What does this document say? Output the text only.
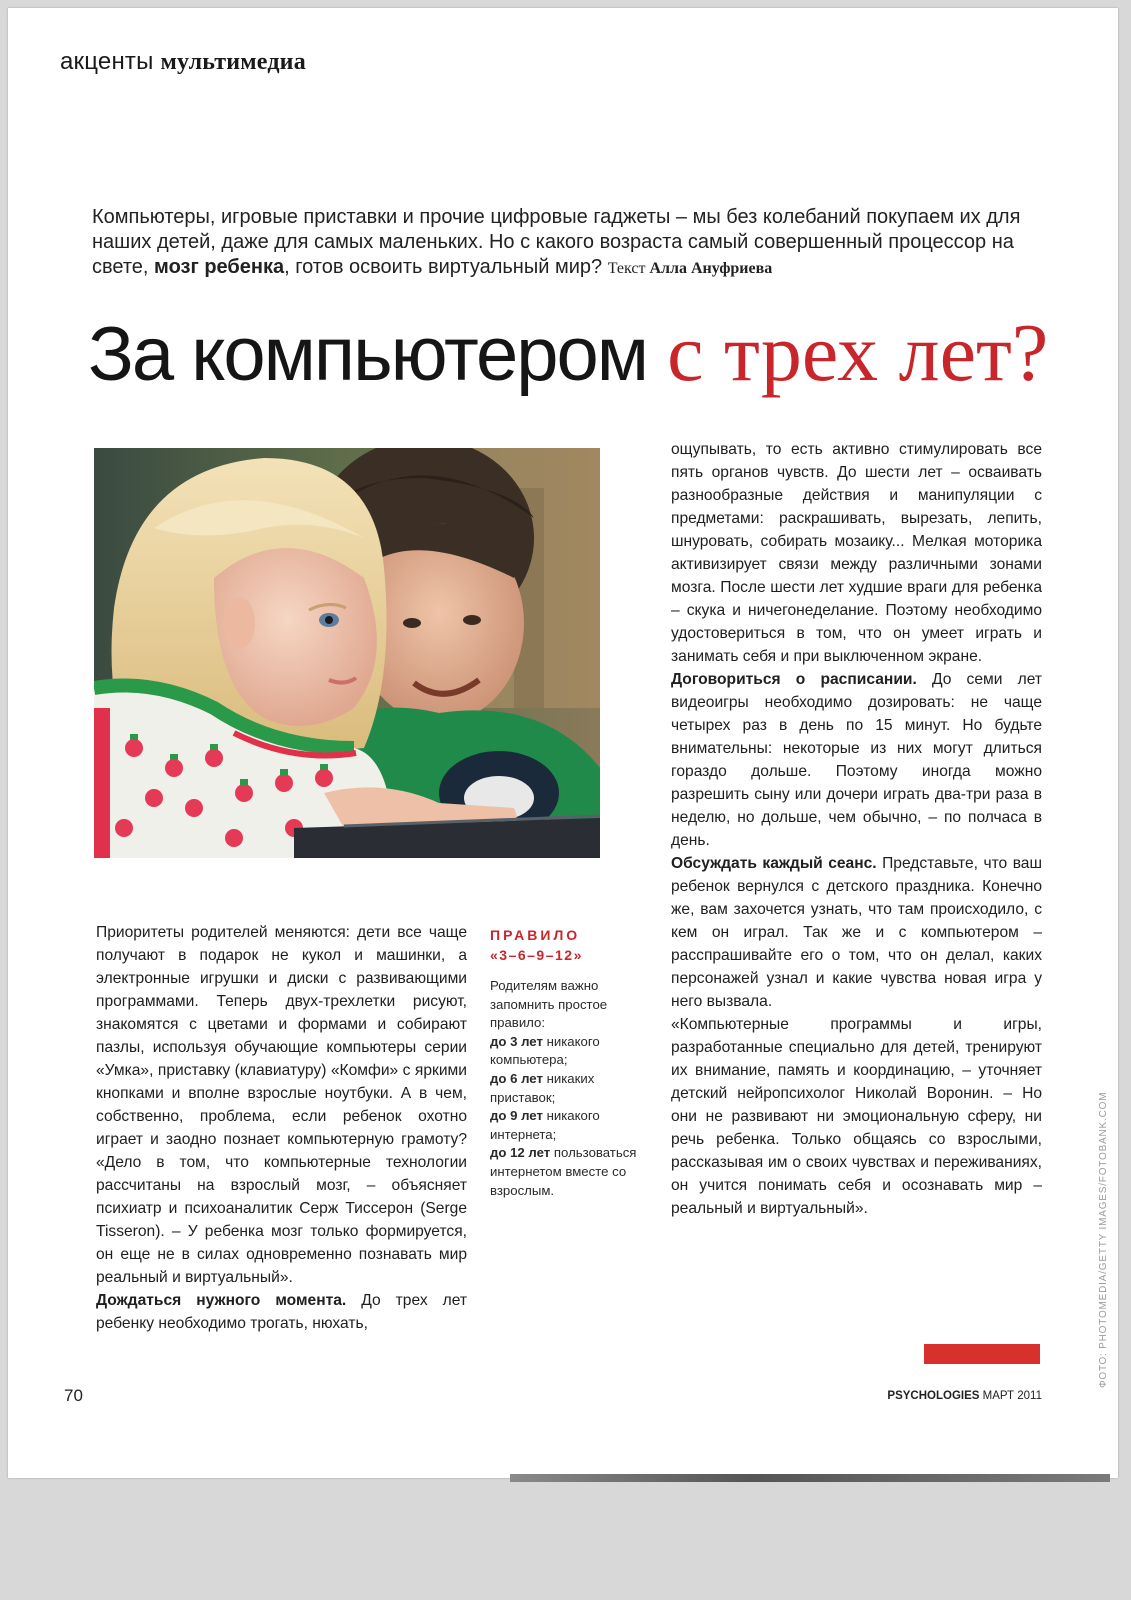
акценты мультимедиа
Компьютеры, игровые приставки и прочие цифровые гаджеты – мы без колебаний покупаем их для наших детей, даже для самых маленьких. Но с какого возраста самый совершенный процессор на свете, мозг ребенка, готов освоить виртуальный мир? Текст Алла Ануфриева
За компьютером с трех лет?

Приоритеты родителей меняются: дети все чаще получают в подарок не кукол и машинки, а электронные игрушки и диски с развивающими программами. Теперь двух-трехлетки рисуют, знакомятся с цветами и формами и собирают пазлы, используя обучающие компьютеры серии «Умка», приставку (клавиатуру) «Комфи» с яркими кнопками и вполне взрослые ноутбуки. А в чем, собственно, проблема, если ребенок охотно играет и заодно познает компьютерную грамоту? «Дело в том, что компьютерные технологии рассчитаны на взрослый мозг, – объясняет психиатр и психоаналитик Серж Тиссерон (Serge Tisseron). – У ребенка мозг только формируется, он еще не в силах одновременно познавать мир реальный и виртуальный».

Дождаться нужного момента. До трех лет ребенку необходимо трогать, нюхать,

ПРАВИЛО
«3–6–9–12»
Родителям важно запомнить простое правило:
до 3 лет никакого компьютера;
до 6 лет никаких приставок;
до 9 лет никакого интернета;
до 12 лет пользоваться интернетом вместе со взрослым.

ощупывать, то есть активно стимулировать все пять органов чувств. До шести лет – осваивать разнообразные действия и манипуляции с предметами: раскрашивать, вырезать, лепить, шнуровать, собирать мозаику... Мелкая моторика активизирует связи между различными зонами мозга. После шести лет худшие враги для ребенка – скука и ничегонеделание. Поэтому необходимо удостовериться в том, что он умеет играть и занимать себя и при выключенном экране.

Договориться о расписании. До семи лет видеоигры необходимо дозировать: не чаще четырех раз в день по 15 минут. Но будьте внимательны: некоторые из них могут длиться гораздо дольше. Поэтому иногда можно разрешить сыну или дочери играть два-три раза в неделю, но дольше, чем обычно, – по полчаса в день.

Обсуждать каждый сеанс. Представьте, что ваш ребенок вернулся с детского праздника. Конечно же, вам захочется узнать, что там происходило, с кем он играл. Так же и с компьютером – расспрашивайте его о том, что он делал, каких персонажей узнал и какие чувства новая игра у него вызвала.

«Компьютерные программы и игры, разработанные специально для детей, тренируют их внимание, память и координацию, – уточняет детский нейропсихолог Николай Воронин. – Но они не развивают ни эмоциональную сферу, ни речь ребенка. Только общаясь со взрослыми, рассказывая им о своих чувствах и переживаниях, он учится понимать себя и осознавать мир – реальный и виртуальный».

70	PSYCHOLOGIES МАРТ 2011
ФОТО: PHOTOMEDIA/GETTY IMAGES/FOTOBANK.COM
